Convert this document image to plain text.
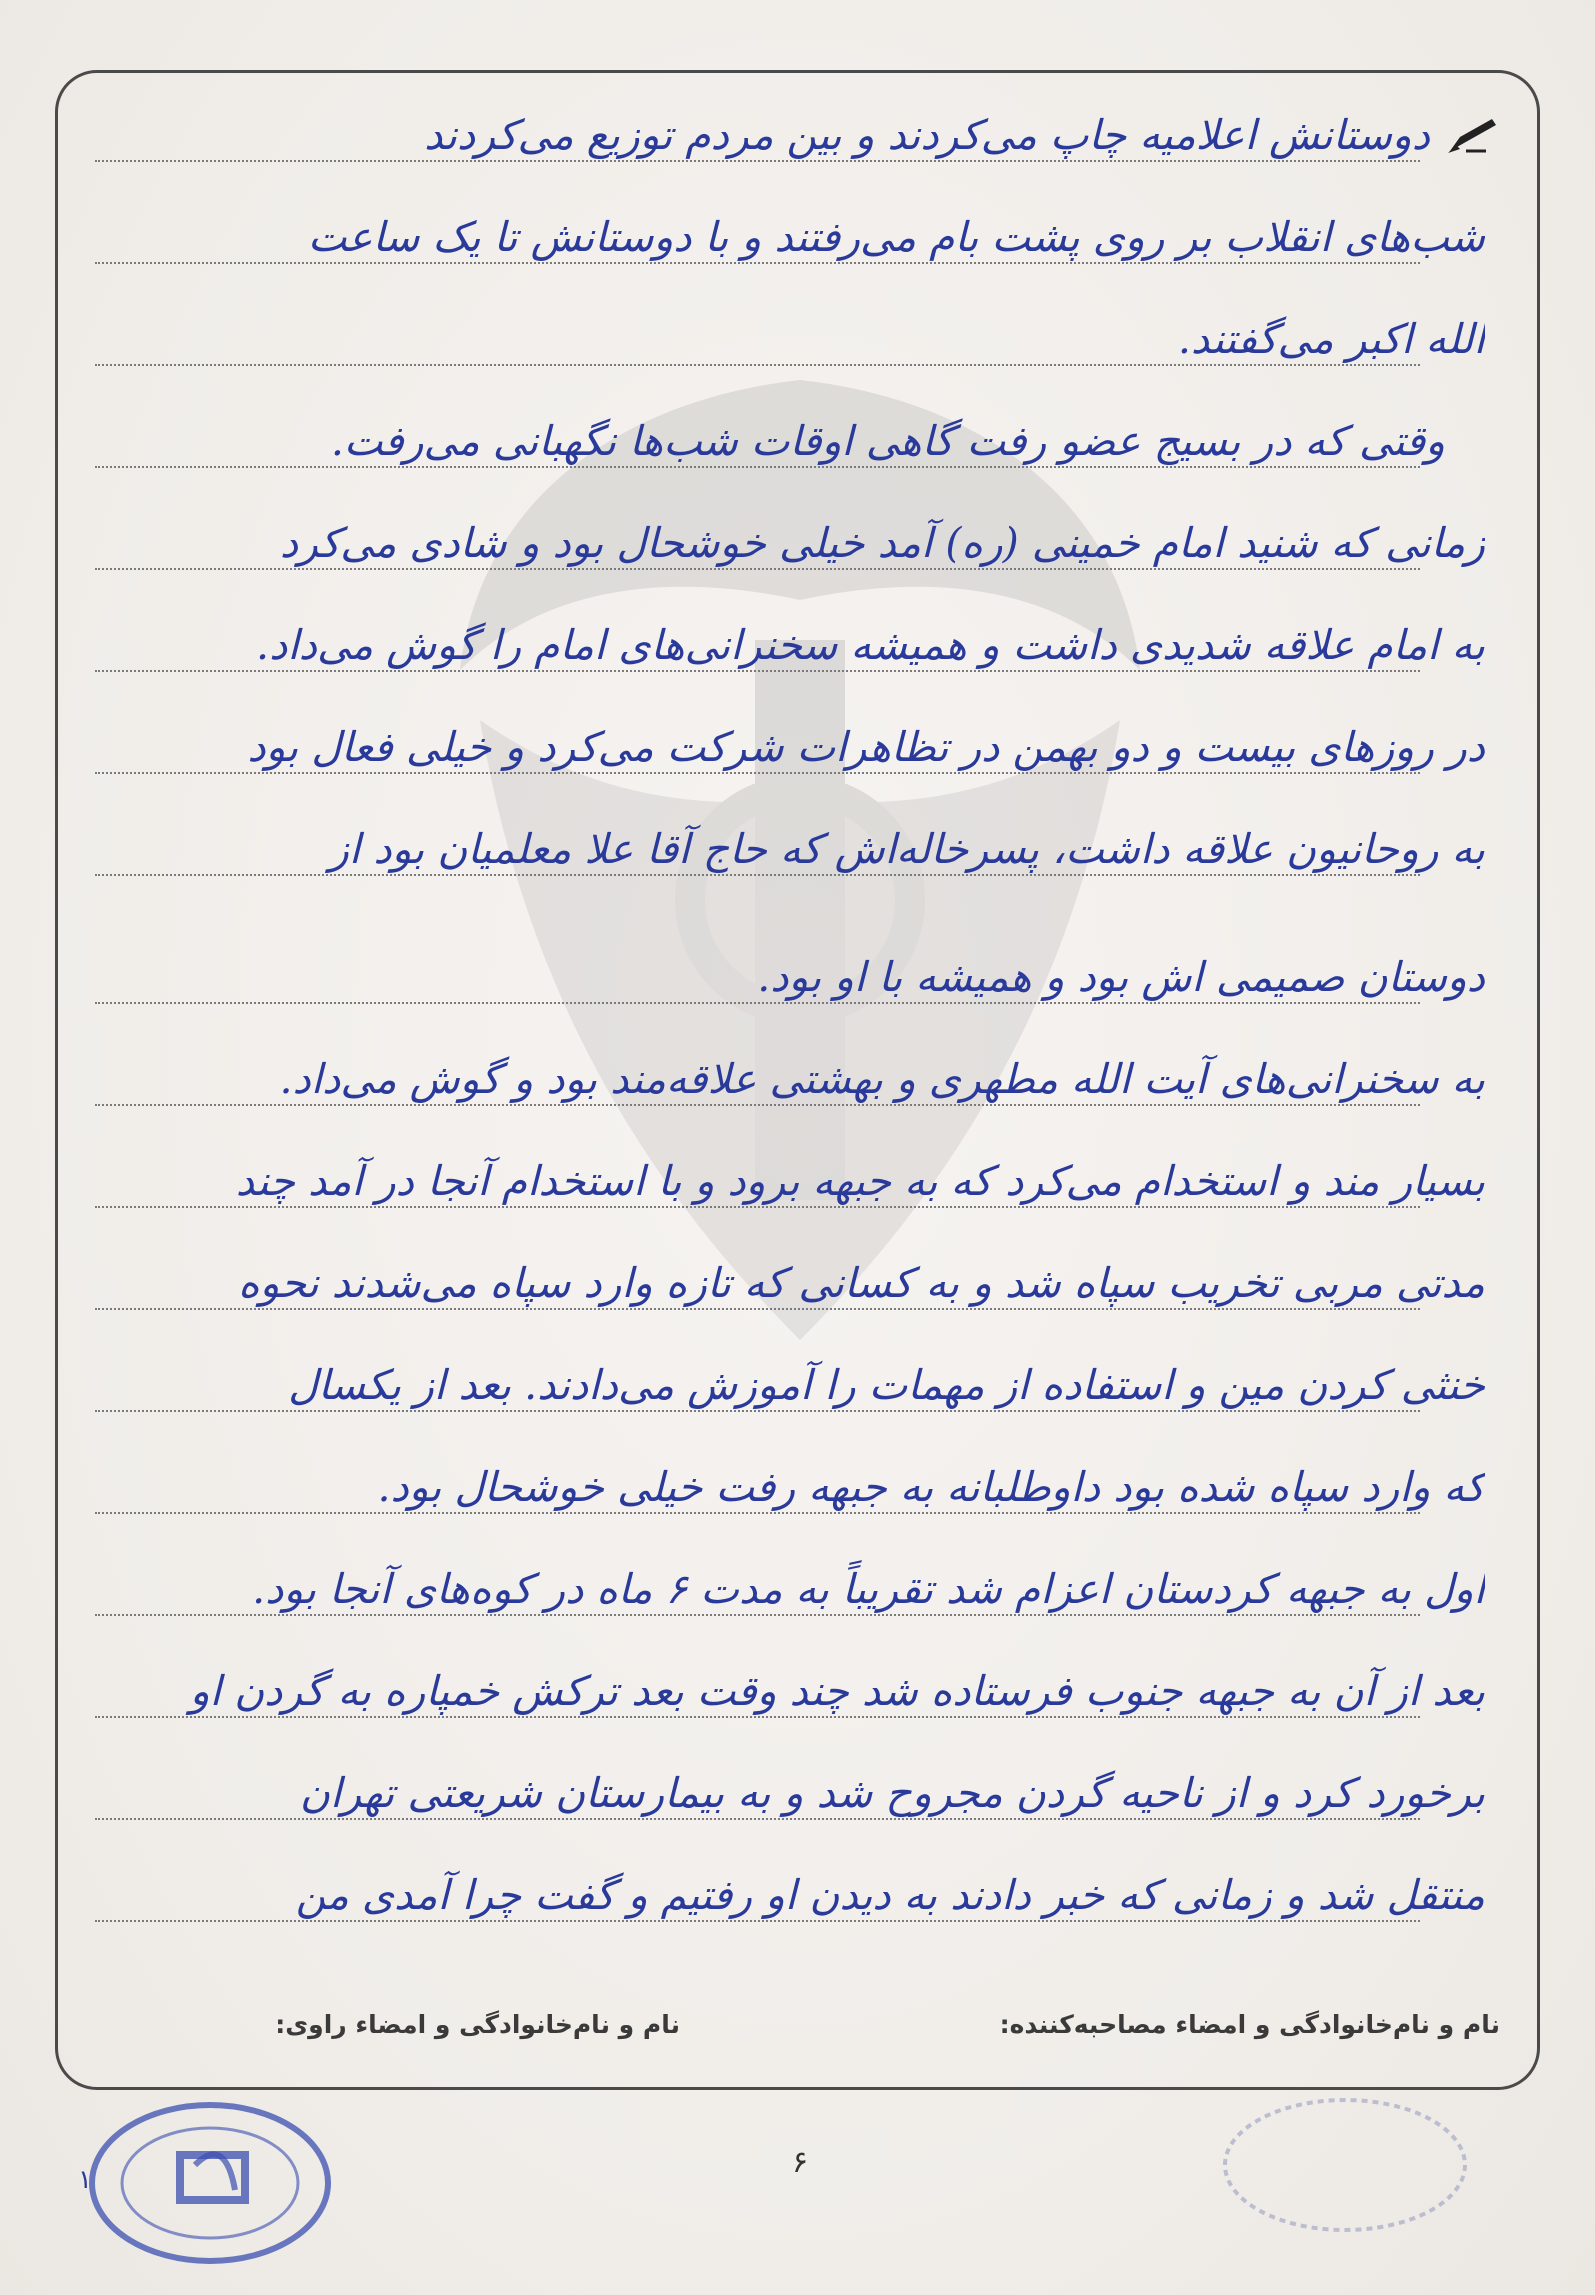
دوستانش اعلامیه چاپ می‌کردند و بین مردم توزیع می‌کردند
شب‌های انقلاب بر روی پشت بام می‌رفتند و با دوستانش تا یک ساعت
الله اکبر می‌گفتند.
وقتی که در بسیج عضو رفت گاهی اوقات شب‌ها نگهبانی می‌رفت.
زمانی که شنید امام خمینی (ره) آمد خیلی خوشحال بود و شادی می‌کرد
به امام علاقه شدیدی داشت و همیشه سخنرانی‌های امام را گوش می‌داد.
در روزهای بیست و دو بهمن در تظاهرات شرکت می‌کرد و خیلی فعال بود
به روحانیون علاقه داشت، پسرخاله‌اش که حاج آقا علا معلمیان بود از
دوستان صمیمی اش بود و همیشه با او بود.
به سخنرانی‌های آیت الله مطهری و بهشتی علاقه‌مند بود و گوش می‌داد.
بسیار مند و استخدام می‌کرد که به جبهه برود و با استخدام آنجا در آمد چند
مدتی مربی تخریب سپاه شد و به کسانی که تازه وارد سپاه می‌شدند نحوه
خنثی کردن مین و استفاده از مهمات را آموزش می‌دادند. بعد از یکسال
که وارد سپاه شده بود داوطلبانه به جبهه رفت خیلی خوشحال بود.
اول به جبهه کردستان اعزام شد تقریباً به مدت ۶ ماه در کوه‌های آنجا بود.
بعد از آن به جبهه جنوب فرستاده شد چند وقت بعد ترکش خمپاره به گردن او
برخورد کرد و از ناحیه گردن مجروح شد و به بیمارستان شریعتی تهران
منتقل شد و زمانی که خبر دادند به دیدن او رفتیم و گفت چرا آمدی من
نام و نام‌خانوادگی و امضاء مصاحبه‌کننده:
نام و نام‌خانوادگی و امضاء راوی:
۱	۶
